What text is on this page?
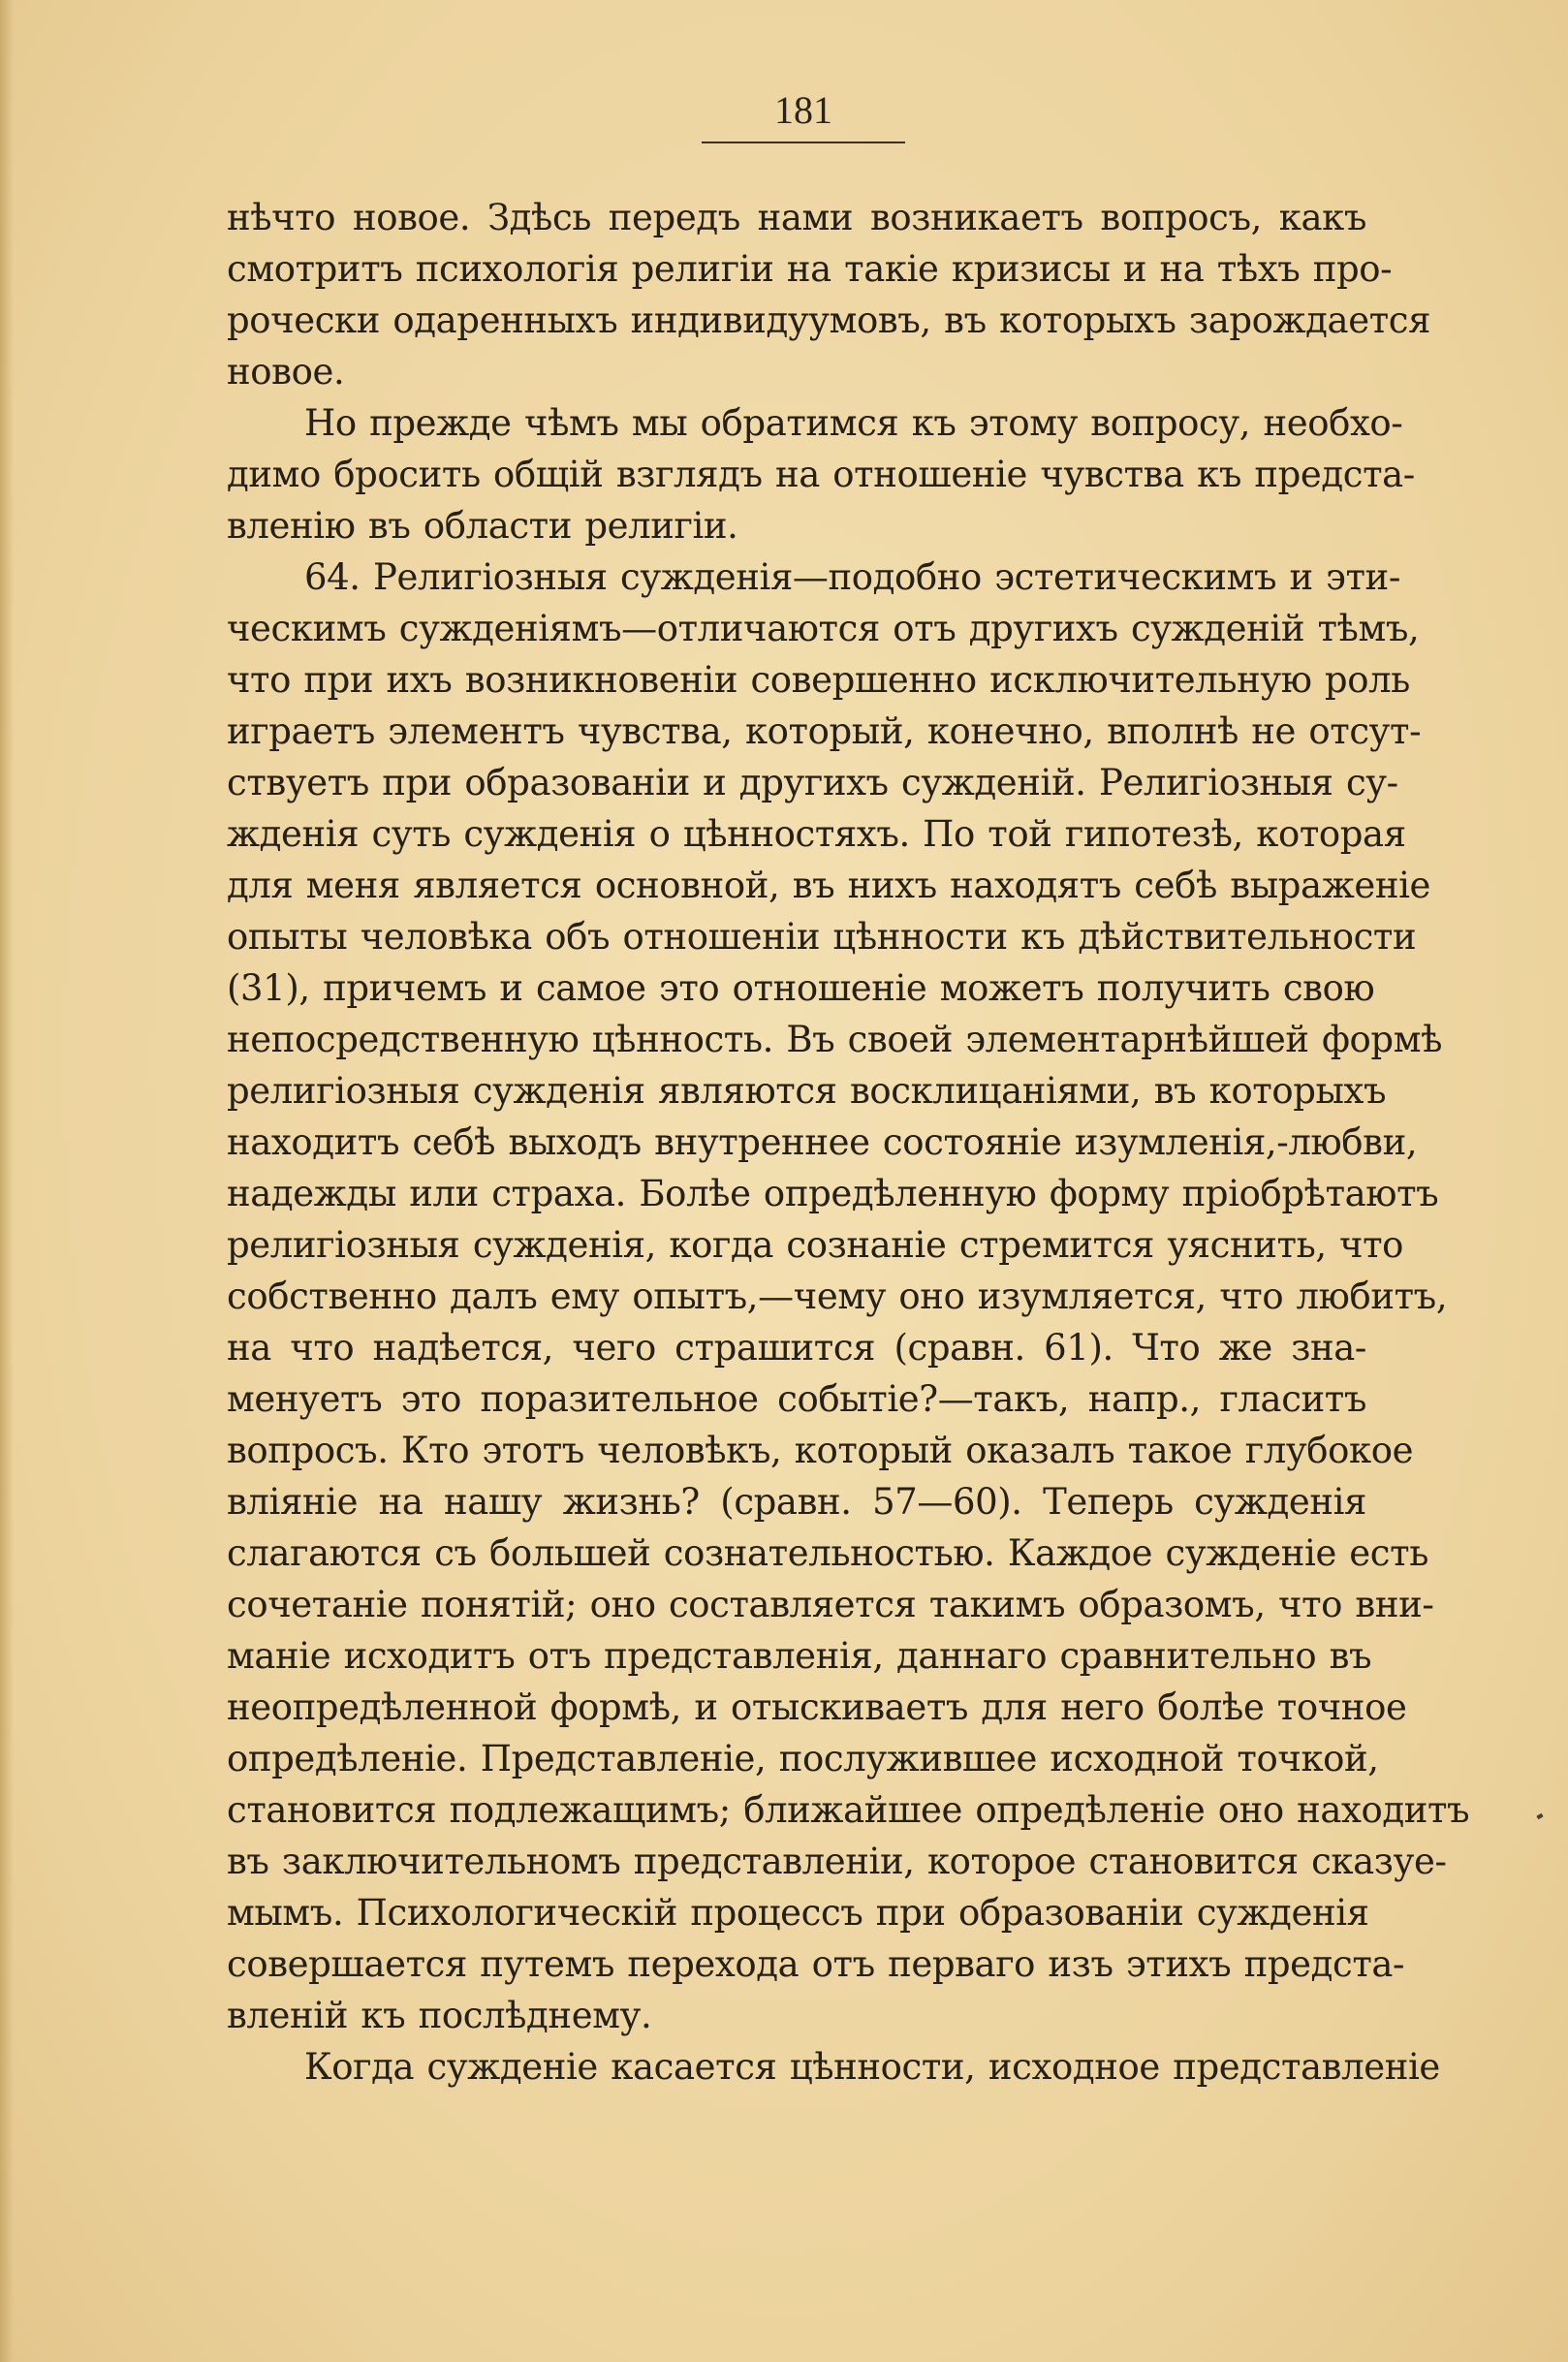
181
нѣчто новое. Здѣсь передъ нами возникаетъ вопросъ, какъ
смотритъ психологія религіи на такіе кризисы и на тѣхъ про-
рочески одаренныхъ индивидуумовъ, въ которыхъ зарождается
новое.
Но прежде чѣмъ мы обратимся къ этому вопросу, необхо-
димо бросить общій взглядъ на отношеніе чувства къ предста-
вленію въ области религіи.
64. Религіозныя сужденія—подобно эстетическимъ и эти-
ческимъ сужденіямъ—отличаются отъ другихъ сужденій тѣмъ,
что при ихъ возникновеніи совершенно исключительную роль
играетъ элементъ чувства, который, конечно, вполнѣ не отсут-
ствуетъ при образованіи и другихъ сужденій. Религіозныя су-
жденія суть сужденія о цѣнностяхъ. По той гипотезѣ, которая
для меня является основной, въ нихъ находятъ себѣ выраженіе
опыты человѣка объ отношеніи цѣнности къ дѣйствительности
(31), причемъ и самое это отношеніе можетъ получить свою
непосредственную цѣнность. Въ своей элементарнѣйшей формѣ
религіозныя сужденія являются восклицаніями, въ которыхъ
находитъ себѣ выходъ внутреннее состояніе изумленія,-любви,
надежды или страха. Болѣе опредѣленную форму пріобрѣтаютъ
религіозныя сужденія, когда сознаніе стремится уяснить, что
собственно далъ ему опытъ,—чему оно изумляется, что любитъ,
на что надѣется, чего страшится (сравн. 61). Что же зна-
менуетъ это поразительное событіе?—такъ, напр., гласитъ
вопросъ. Кто этотъ человѣкъ, который оказалъ такое глубокое
вліяніе на нашу жизнь? (сравн. 57—60). Теперь сужденія
слагаются съ большей сознательностью. Каждое сужденіе есть
сочетаніе понятій; оно составляется такимъ образомъ, что вни-
маніе исходитъ отъ представленія, даннаго сравнительно въ
неопредѣленной формѣ, и отыскиваетъ для него болѣе точное
опредѣленіе. Представленіе, послужившее исходной точкой,
становится подлежащимъ; ближайшее опредѣленіе оно находитъ
въ заключительномъ представленіи, которое становится сказуе-
мымъ. Психологическій процессъ при образованіи сужденія
совершается путемъ перехода отъ перваго изъ этихъ предста-
вленій къ послѣднему.
Когда сужденіе касается цѣнности, исходное представленіе
